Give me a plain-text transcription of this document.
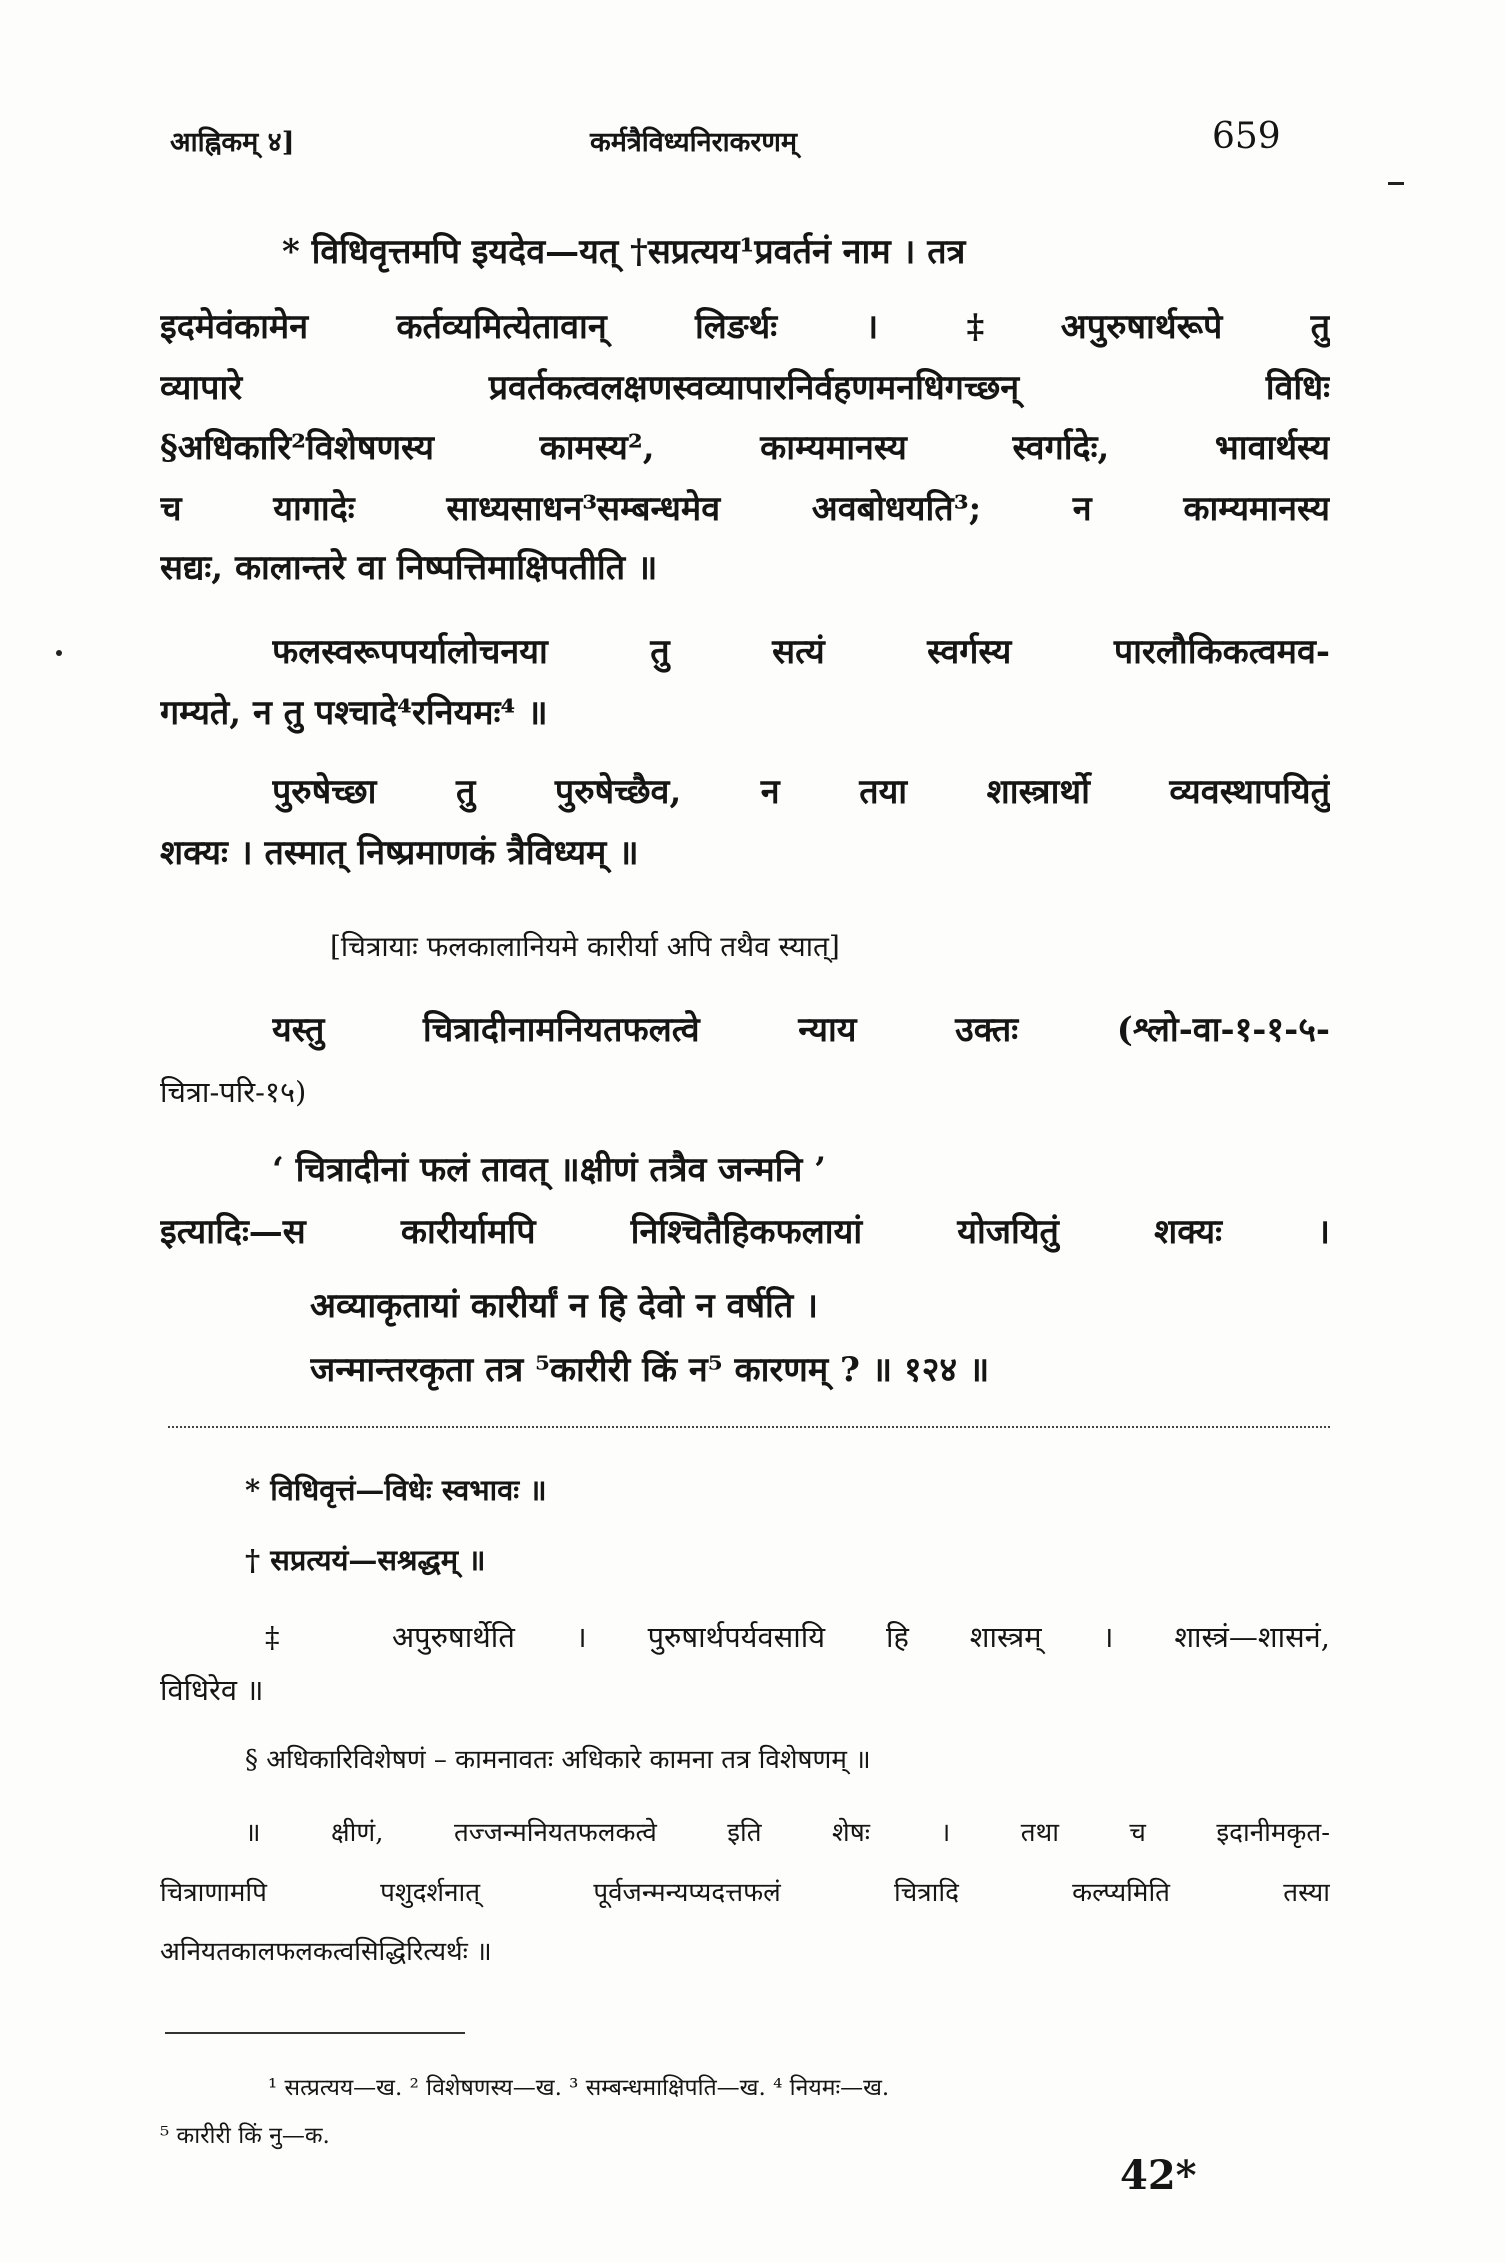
आह्निकम् ४]	कर्मत्रैविध्यनिराकरणम्	659
* विधिवृत्तमपि इयदेव—यत् †सप्रत्यय¹प्रवर्तनं नाम । तत्र
इदमेवंकामेन कर्तव्यमित्येतावान् लिङर्थः । ‡अपुरुषार्थरूपे तु
व्यापारे प्रवर्तकत्वलक्षणस्वव्यापारनिर्वहणमनधिगच्छन् विधिः
§अधिकारि²विशेषणस्य कामस्य², काम्यमानस्य स्वर्गादेः, भावार्थस्य
च यागादेः साध्यसाधन³सम्बन्धमेव अवबोधयति³; न काम्यमानस्य
सद्यः, कालान्तरे वा निष्पत्तिमाक्षिपतीति ॥
फलस्वरूपपर्यालोचनया तु सत्यं स्वर्गस्य पारलौकिकत्वमव-
गम्यते, न तु पश्चादे⁴रनियमः⁴ ॥
पुरुषेच्छा तु पुरुषेच्छैव, न तया शास्त्रार्थो व्यवस्थापयितुं
शक्यः । तस्मात् निष्प्रमाणकं त्रैविध्यम् ॥
[चित्रायाः फलकालानियमे कारीर्या अपि तथैव स्यात्]
यस्तु चित्रादीनामनियतफलत्वे न्याय उक्तः (श्लो-वा-१-१-५-
चित्रा-परि-१५)
‘ चित्रादीनां फलं तावत् ॥क्षीणं तत्रैव जन्मनि ’
इत्यादिः—स कारीर्यामपि निश्चितैहिकफलायां योजयितुं शक्यः ।
अव्याकृतायां कारीर्यां न हि देवो न वर्षति ।
जन्मान्तरकृता तत्र ⁵कारीरी किं न⁵ कारणम् ? ॥ १२४ ॥
* विधिवृत्तं—विधेः स्वभावः ॥
† सप्रत्ययं—सश्रद्धम् ॥
‡ अपुरुषार्थेति । पुरुषार्थपर्यवसायि हि शास्त्रम् । शास्त्रं—शासनं,
विधिरेव ॥
§ अधिकारिविशेषणं – कामनावतः अधिकारे कामना तत्र विशेषणम् ॥
॥ क्षीणं, तज्जन्मनियतफलकत्वे इति शेषः । तथा च इदानीमकृत-
चित्राणामपि पशुदर्शनात् पूर्वजन्मन्यप्यदत्तफलं चित्रादि कल्प्यमिति तस्या
अनियतकालफलकत्वसिद्धिरित्यर्थः ॥
¹ सत्प्रत्यय—ख. ² विशेषणस्य—ख. ³ सम्बन्धमाक्षिपति—ख. ⁴ नियमः—ख.
⁵ कारीरी किं नु—क.
42*
